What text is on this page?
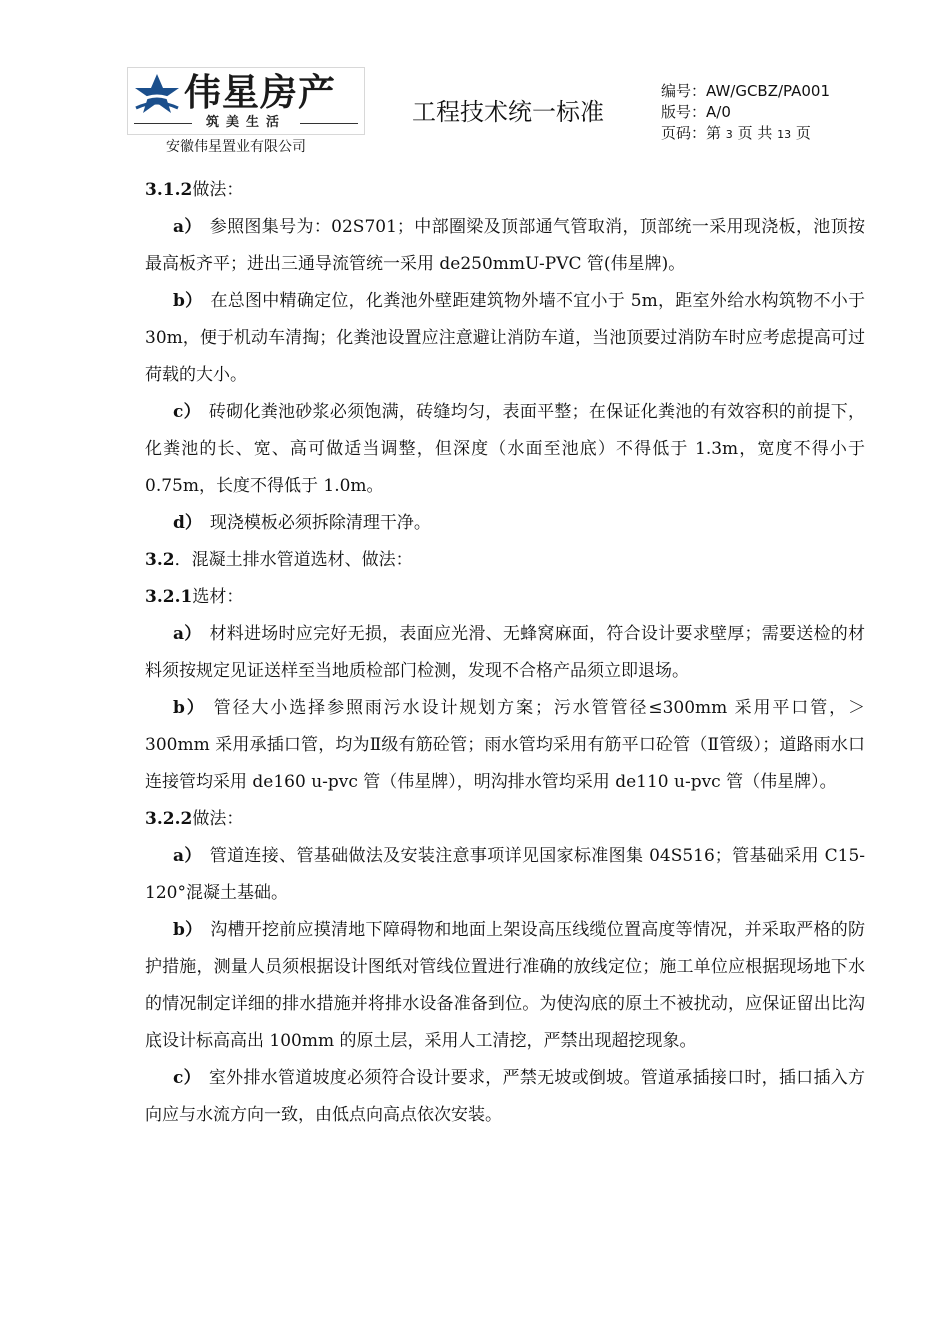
伟星房产
筑美生活
安徽伟星置业有限公司
工程技术统一标准
编号：AW/GCBZ/PA001
版号：A/0
页码：第 3 页 共 13 页

3.1.2做法：

a） 参照图集号为：02S701；中部圈梁及顶部通气管取消，顶部统一采用现浇板，池顶按最高板齐平；进出三通导流管统一采用 de250mmU-PVC 管(伟星牌)。

b） 在总图中精确定位，化粪池外壁距建筑物外墙不宜小于 5m，距室外给水构筑物不小于 30m，便于机动车清掏；化粪池设置应注意避让消防车道，当池顶要过消防车时应考虑提高可过荷载的大小。

c） 砖砌化粪池砂浆必须饱满，砖缝均匀，表面平整；在保证化粪池的有效容积的前提下，化粪池的长、宽、高可做适当调整，但深度（水面至池底）不得低于 1.3m，宽度不得小于 0.75m，长度不得低于 1.0m。

d） 现浇模板必须拆除清理干净。

3.2．混凝土排水管道选材、做法：

3.2.1选材：

a） 材料进场时应完好无损，表面应光滑、无蜂窝麻面，符合设计要求壁厚；需要送检的材料须按规定见证送样至当地质检部门检测，发现不合格产品须立即退场。

b） 管径大小选择参照雨污水设计规划方案；污水管管径≤300mm 采用平口管，＞300mm 采用承插口管，均为Ⅱ级有筋砼管；雨水管均采用有筋平口砼管（Ⅱ管级）；道路雨水口连接管均采用 de160 u-pvc 管（伟星牌），明沟排水管均采用 de110 u-pvc 管（伟星牌）。

3.2.2做法：

a） 管道连接、管基础做法及安装注意事项详见国家标准图集 04S516；管基础采用 C15-120°混凝土基础。

b） 沟槽开挖前应摸清地下障碍物和地面上架设高压线缆位置高度等情况，并采取严格的防护措施，测量人员须根据设计图纸对管线位置进行准确的放线定位；施工单位应根据现场地下水的情况制定详细的排水措施并将排水设备准备到位。为使沟底的原土不被扰动，应保证留出比沟底设计标高高出 100mm 的原土层，采用人工清挖，严禁出现超挖现象。

c） 室外排水管道坡度必须符合设计要求，严禁无坡或倒坡。管道承插接口时，插口插入方向应与水流方向一致，由低点向高点依次安装。
